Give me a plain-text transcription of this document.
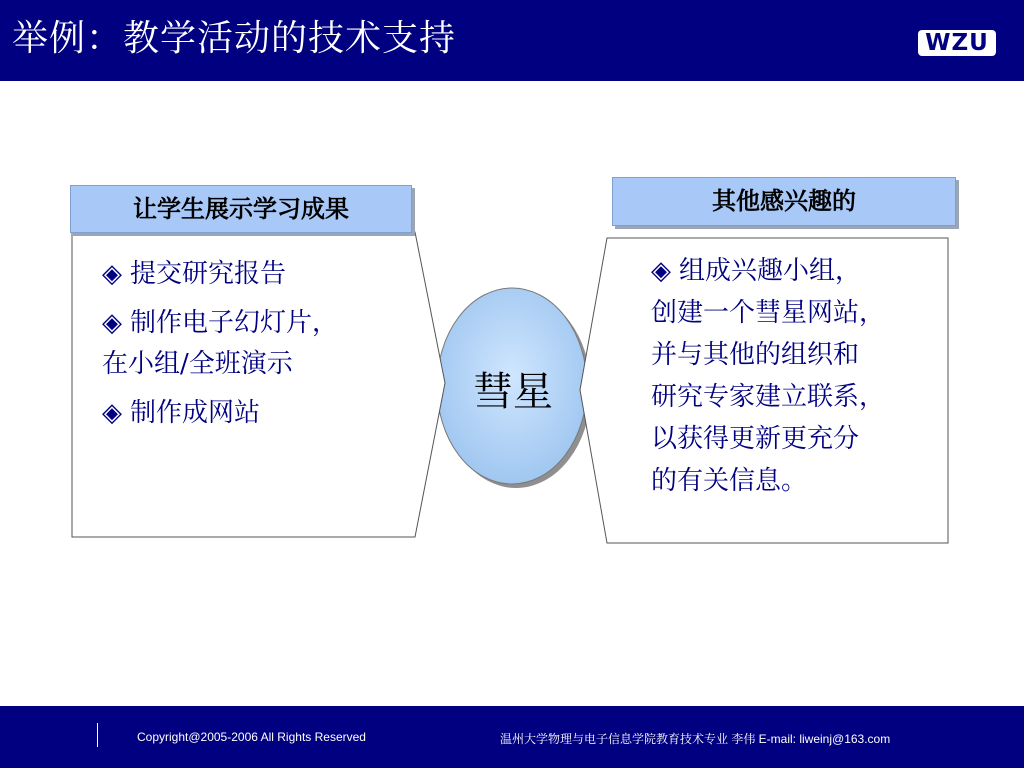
举例：教学活动的技术支持	WZU
让学生展示学习成果	其他感兴趣的
◈ 提交研究报告
◈ 制作电子幻灯片，
在小组/全班演示
◈ 制作成网站	彗星
◈ 组成兴趣小组，
创建一个彗星网站，
并与其他的组织和
研究专家建立联系，
以获得更新更充分
的有关信息。
Copyright@2005-2006 All Rights Reserved	温州大学物理与电子信息学院教育技术专业 李伟 E-mail: liweinj@163.com
